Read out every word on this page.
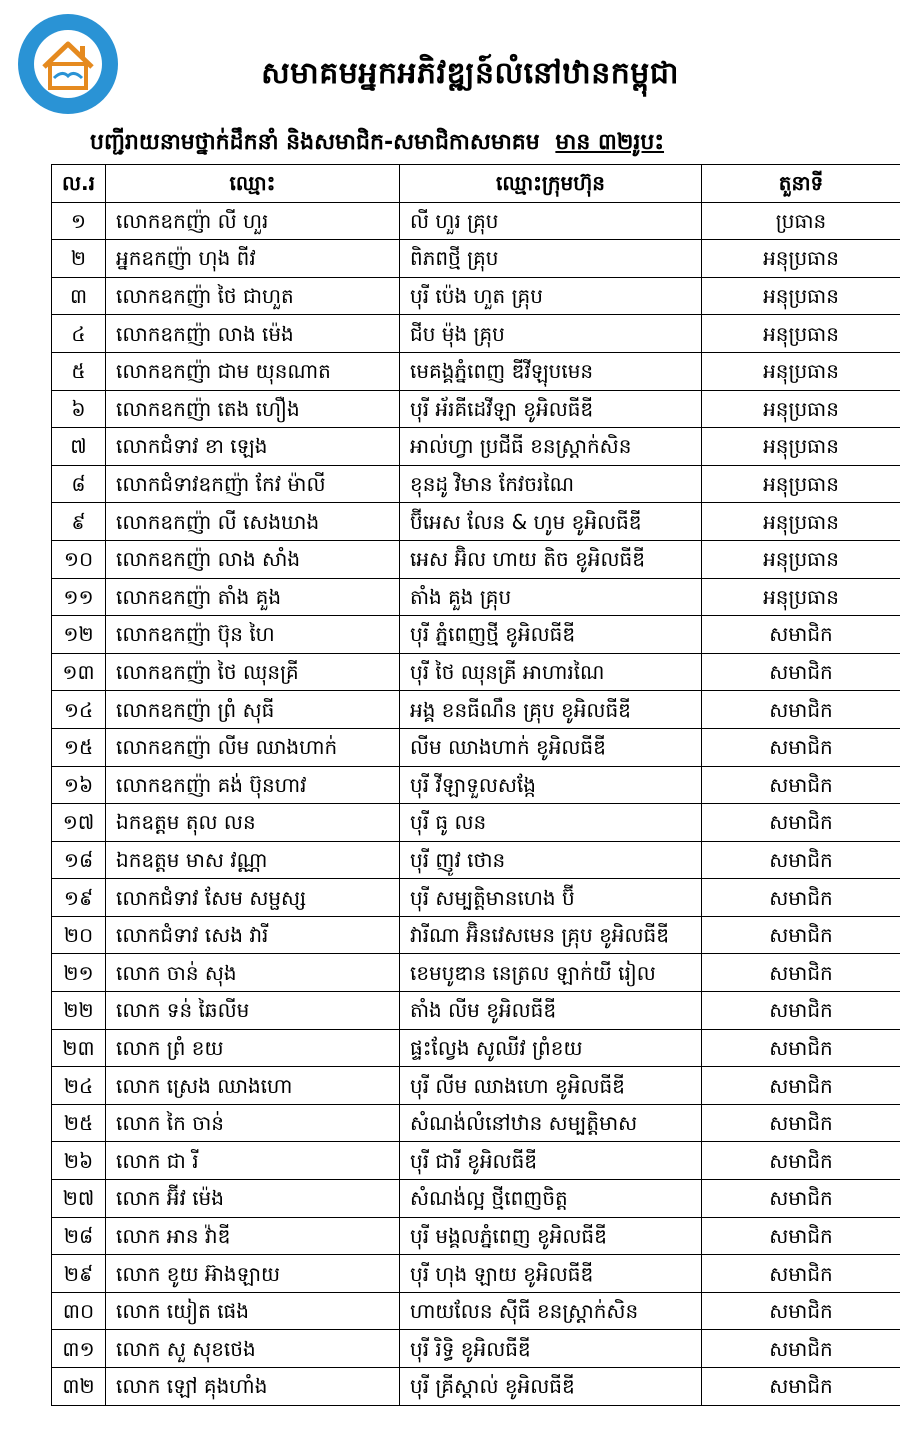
សមាគមអ្នកអភិវឌ្ឍន៍លំនៅឋានកម្ពុជា
បញ្ជីរាយនាមថ្នាក់ដឹកនាំ និងសមាជិក-សមាជិកាសមាគម មាន ៣២រូបះ
ល.រ	ឈ្មោះ	ឈ្មោះក្រុមហ៊ុន	តួនាទី
១	លោកឧកញ៉ា លី ហួរ	លី ហួរ គ្រុប	ប្រធាន
២	អ្នកឧកញ៉ា ហុង ពីវ	ពិភពថ្មី គ្រុប	អនុប្រធាន
៣	លោកឧកញ៉ា ថៃ ជាហួត	បុរី ប៉េង ហួត គ្រុប	អនុប្រធាន
៤	លោកឧកញ៉ា លាង ម៉េង	ជីប ម៉ុង គ្រុប	អនុប្រធាន
៥	លោកឧកញ៉ា ជាម យុនណាត	មេគង្គភ្នំពេញ ឌីវីឡុបមេន	អនុប្រធាន
៦	លោកឧកញ៉ា តេង ហឿង	បុរី អ័រគីដេវីឡា ខូអិលធីឌី	អនុប្រធាន
៧	លោកជំទាវ ខា ឡេង	អាល់ហ្វា ប្រជីធី ខនស្រ្តាក់សិន	អនុប្រធាន
៨	លោកជំទាវឧកញ៉ា កែវ ម៉ាលី	ខុនដូ វិមាន កែវចរណៃ	អនុប្រធាន
៩	លោកឧកញ៉ា លី សេងឃាង	ប៊ីអេស លែន & ហូម ខូអិលធីឌី	អនុប្រធាន
១០	លោកឧកញ៉ា លាង សាំង	អេស អ៊ិល ហាយ តិច ខូអិលធីឌី	អនុប្រធាន
១១	លោកឧកញ៉ា តាំង គួង	តាំង គួង គ្រុប	អនុប្រធាន
១២	លោកឧកញ៉ា ប៊ុន ហៃ	បុរី ភ្នំពេញថ្មី ខូអិលធីឌី	សមាជិក
១៣	លោកឧកញ៉ា ថៃ ឈុនគ្រី	បុរី ថៃ ឈុនគ្រី អាហារណៃ	សមាជិក
១៤	លោកឧកញ៉ា ព្រំ សុធី	អង្គ ខនធីណឹន គ្រុប ខូអិលធីឌី	សមាជិក
១៥	លោកឧកញ៉ា លីម ឈាងហាក់	លីម ឈាងហាក់ ខូអិលធីឌី	សមាជិក
១៦	លោកឧកញ៉ា គង់ ប៊ុនហាវ	បុរី វីឡាទួលសង្កែ	សមាជិក
១៧	ឯកឧត្តម តុល លន	បុរី ធូ លន	សមាជិក
១៨	ឯកឧត្តម មាស វណ្ណា	បុរី ញូវ ថោន	សមាជិក
១៩	លោកជំទាវ សែម សម្ផស្ស	បុរី សម្បត្តិមានហេង ប៊ី	សមាជិក
២០	លោកជំទាវ សេង វារី	វារីណា អ៊ិនវេសមេន គ្រុប ខូអិលធីឌី	សមាជិក
២១	លោក ចាន់ សុង	ខេមបូឌាន នេត្រល ឡាក់យី រៀល	សមាជិក
២២	លោក ទន់ ឆៃលីម	តាំង លីម ខូអិលធីឌី	សមាជិក
២៣	លោក ព្រំ ខយ	ផ្ទះល្វែង សូឈីវ ព្រំខយ	សមាជិក
២៤	លោក ស្រេង ឈាងហោ	បុរី លីម ឈាងហោ ខូអិលធីឌី	សមាជិក
២៥	លោក កៃ ចាន់	សំណង់លំនៅឋាន សម្បត្តិមាស	សមាជិក
២៦	លោក ជា រី	បុរី ជារី ខូអិលធីឌី	សមាជិក
២៧	លោក អ៊ីវ ម៉េង	សំណង់ល្អ ថ្មីពេញចិត្ត	សមាជិក
២៨	លោក អាន វ៉ាឌី	បុរី មង្គលភ្នំពេញ ខូអិលធីឌី	សមាជិក
២៩	លោក ខូយ អ៊ាងឡាយ	បុរី ហុង ឡាយ ខូអិលធីឌី	សមាជិក
៣០	លោក យៀត ផេង	ហាយលែន ស៊ីធី ខនស្រ្តាក់សិន	សមាជិក
៣១	លោក សួ សុខថេង	បុរី រិទ្ធិ ខូអិលធីឌី	សមាជិក
៣២	លោក ឡៅ គុងហាំង	បុរី គ្រីស្តាល់ ខូអិលធីឌី	សមាជិក
